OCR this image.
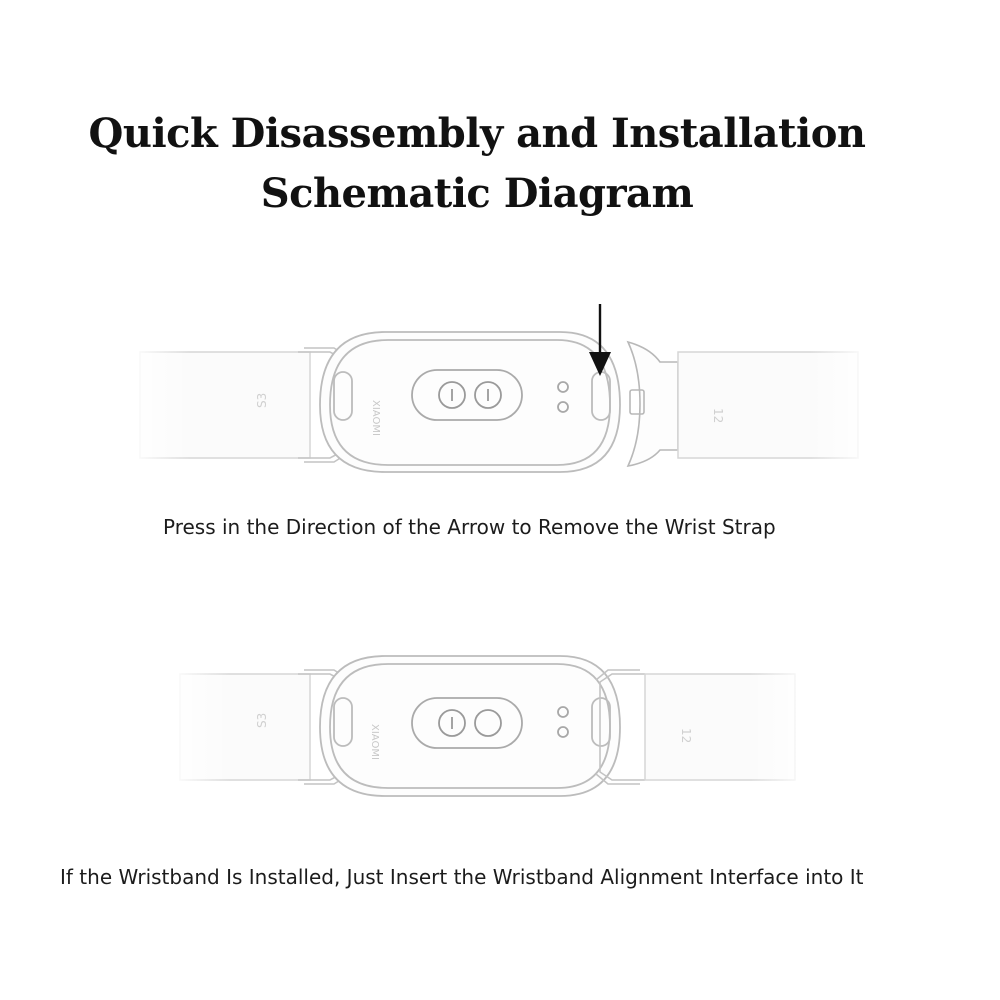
Quick Disassembly and Installation
Schematic Diagram
S3	XIAOMI	12
Press in the Direction of the Arrow to Remove the Wrist Strap
S3
XIAOMI	12
If the Wristband Is Installed, Just Insert the Wristband Alignment Interface into It
